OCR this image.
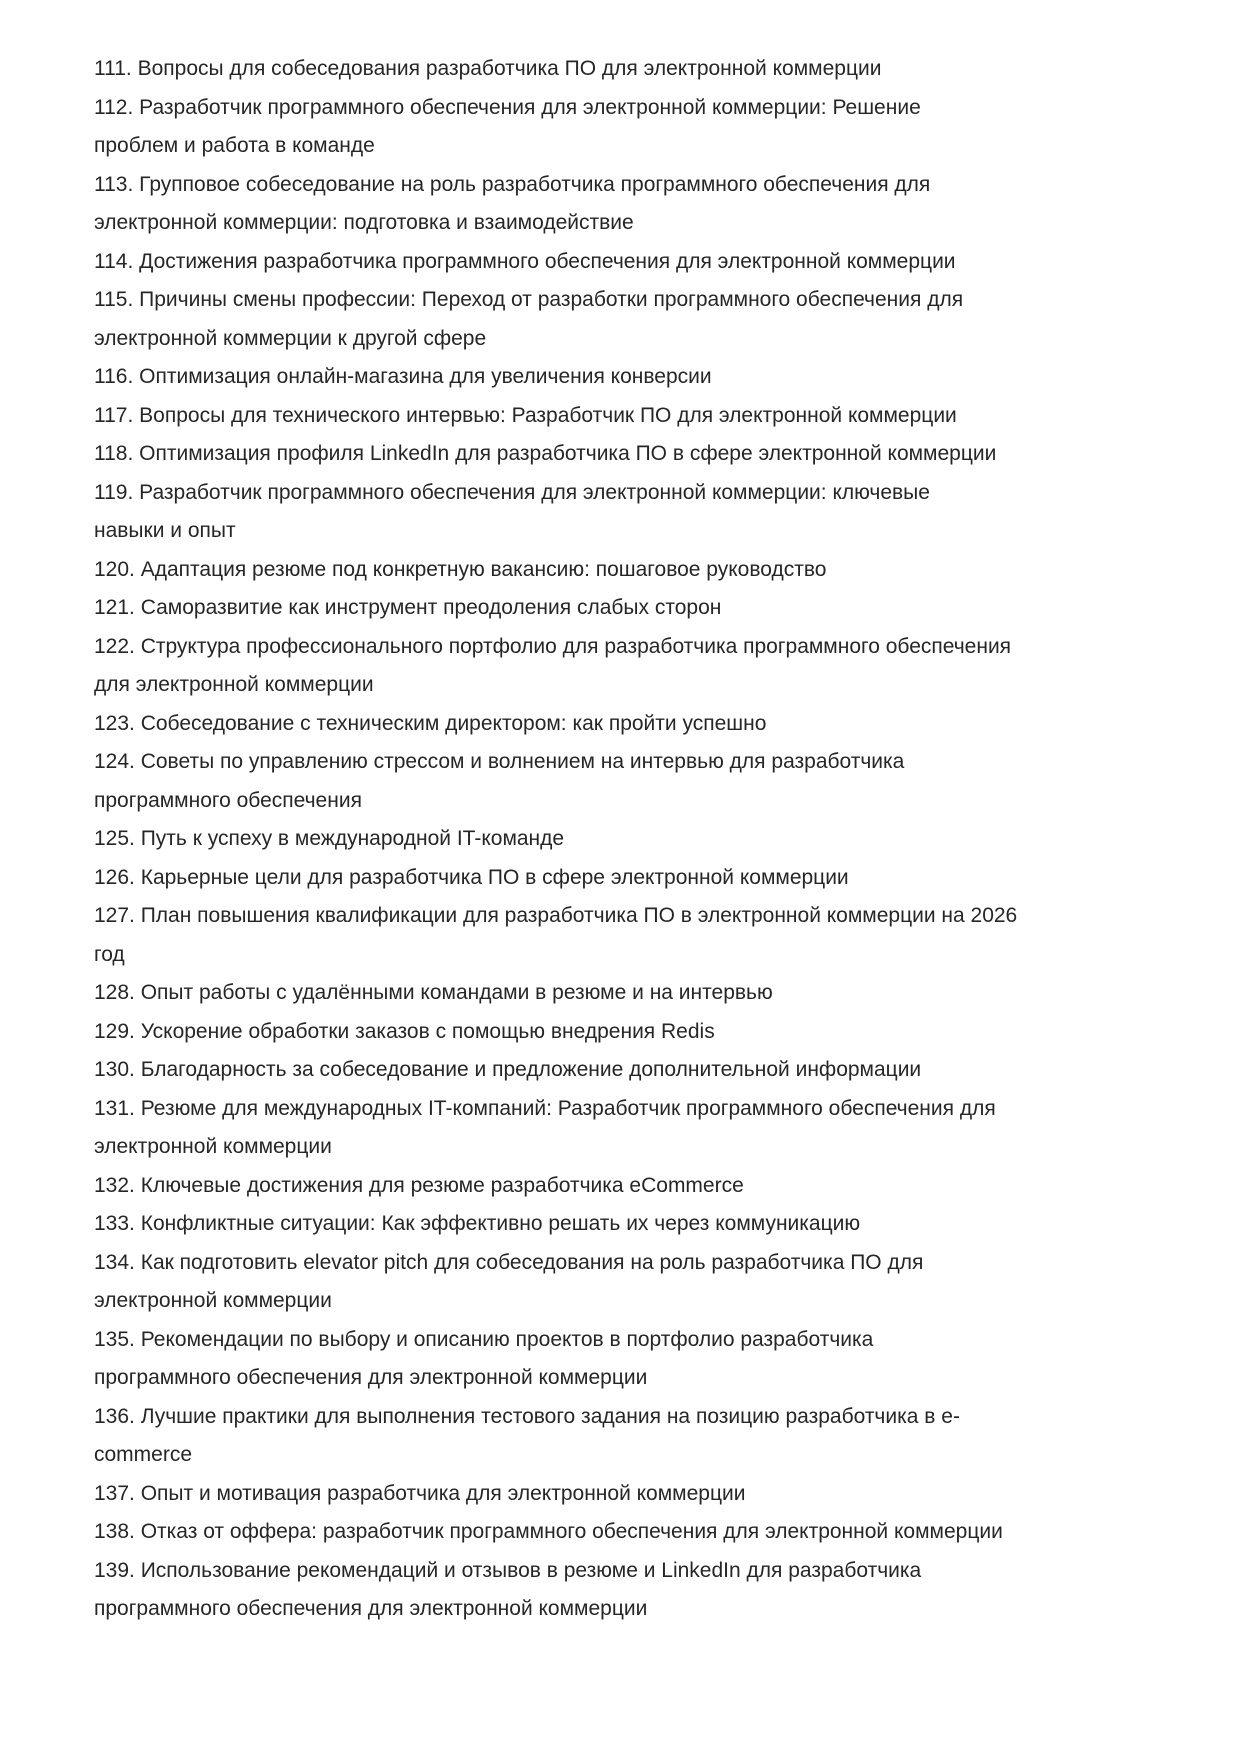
111. Вопросы для собеседования разработчика ПО для электронной коммерции
112. Разработчик программного обеспечения для электронной коммерции: Решение
проблем и работа в команде
113. Групповое собеседование на роль разработчика программного обеспечения для
электронной коммерции: подготовка и взаимодействие
114. Достижения разработчика программного обеспечения для электронной коммерции
115. Причины смены профессии: Переход от разработки программного обеспечения для
электронной коммерции к другой сфере
116. Оптимизация онлайн-магазина для увеличения конверсии
117. Вопросы для технического интервью: Разработчик ПО для электронной коммерции
118. Оптимизация профиля LinkedIn для разработчика ПО в сфере электронной коммерции
119. Разработчик программного обеспечения для электронной коммерции: ключевые
навыки и опыт
120. Адаптация резюме под конкретную вакансию: пошаговое руководство
121. Саморазвитие как инструмент преодоления слабых сторон
122. Структура профессионального портфолио для разработчика программного обеспечения
для электронной коммерции
123. Собеседование с техническим директором: как пройти успешно
124. Советы по управлению стрессом и волнением на интервью для разработчика
программного обеспечения
125. Путь к успеху в международной IT-команде
126. Карьерные цели для разработчика ПО в сфере электронной коммерции
127. План повышения квалификации для разработчика ПО в электронной коммерции на 2026
год
128. Опыт работы с удалёнными командами в резюме и на интервью
129. Ускорение обработки заказов с помощью внедрения Redis
130. Благодарность за собеседование и предложение дополнительной информации
131. Резюме для международных IT-компаний: Разработчик программного обеспечения для
электронной коммерции
132. Ключевые достижения для резюме разработчика eCommerce
133. Конфликтные ситуации: Как эффективно решать их через коммуникацию
134. Как подготовить elevator pitch для собеседования на роль разработчика ПО для
электронной коммерции
135. Рекомендации по выбору и описанию проектов в портфолио разработчика
программного обеспечения для электронной коммерции
136. Лучшие практики для выполнения тестового задания на позицию разработчика в e-
commerce
137. Опыт и мотивация разработчика для электронной коммерции
138. Отказ от оффера: разработчик программного обеспечения для электронной коммерции
139. Использование рекомендаций и отзывов в резюме и LinkedIn для разработчика
программного обеспечения для электронной коммерции
